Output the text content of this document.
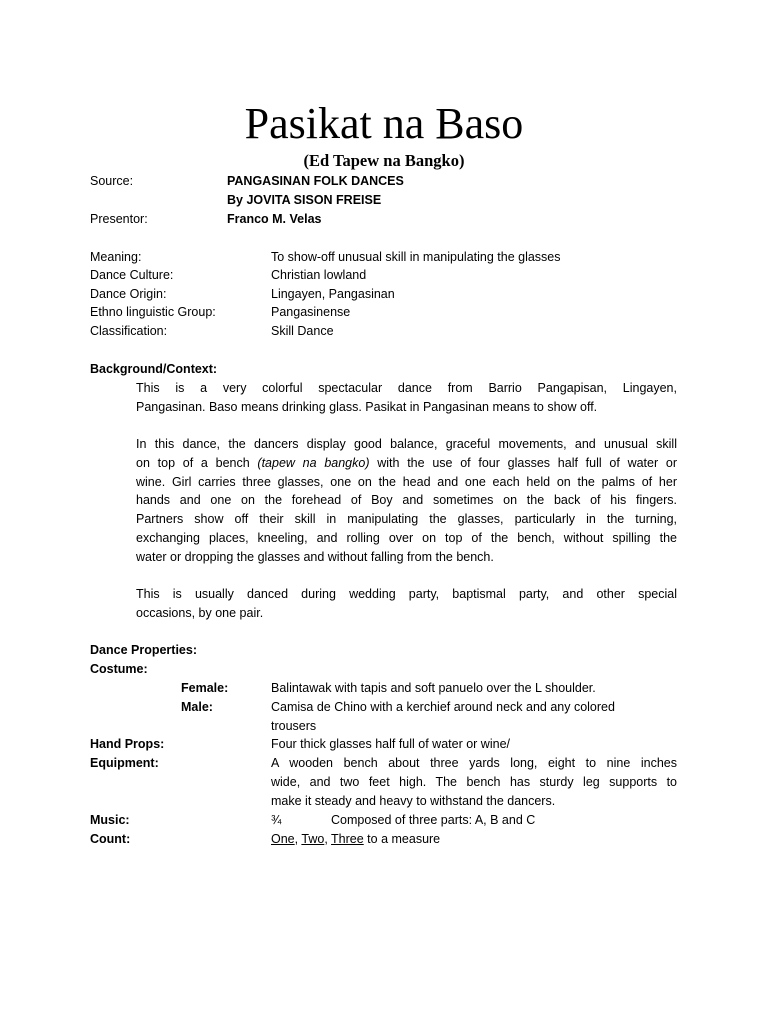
Pasikat na Baso
(Ed Tapew na Bangko)
Source:	PANGASINAN FOLK DANCES
By JOVITA SISON FREISE
Presentor:	Franco M. Velas
Meaning:	To show-off unusual skill in manipulating the glasses
Dance Culture:	Christian lowland
Dance Origin:	Lingayen, Pangasinan
Ethno linguistic Group:	Pangasinense
Classification:	Skill Dance
Background/Context:
This is a very colorful spectacular dance from Barrio Pangapisan, Lingayen,
Pangasinan. Baso means drinking glass. Pasikat in Pangasinan means to show off.
In this dance, the dancers display good balance, graceful movements, and unusual skill
on top of a bench (tapew na bangko) with the use of four glasses half full of water or
wine. Girl carries three glasses, one on the head and one each held on the palms of her
hands and one on the forehead of Boy and sometimes on the back of his fingers.
Partners show off their skill in manipulating the glasses, particularly in the turning,
exchanging places, kneeling, and rolling over on top of the bench, without spilling the
water or dropping the glasses and without falling from the bench.
This is usually danced during wedding party, baptismal party, and other special
occasions, by one pair.
Dance Properties:
Costume:
Female:	Balintawak with tapis and soft panuelo over the L shoulder.
Male:	Camisa de Chino with a kerchief around neck and any colored
trousers
Hand Props:	Four thick glasses half full of water or wine/
Equipment:	A wooden bench about three yards long, eight to nine inches
wide, and two feet high. The bench has sturdy leg supports to
make it steady and heavy to withstand the dancers.
Music:	¾	Composed of three parts: A, B and C
Count:	One, Two, Three to a measure
